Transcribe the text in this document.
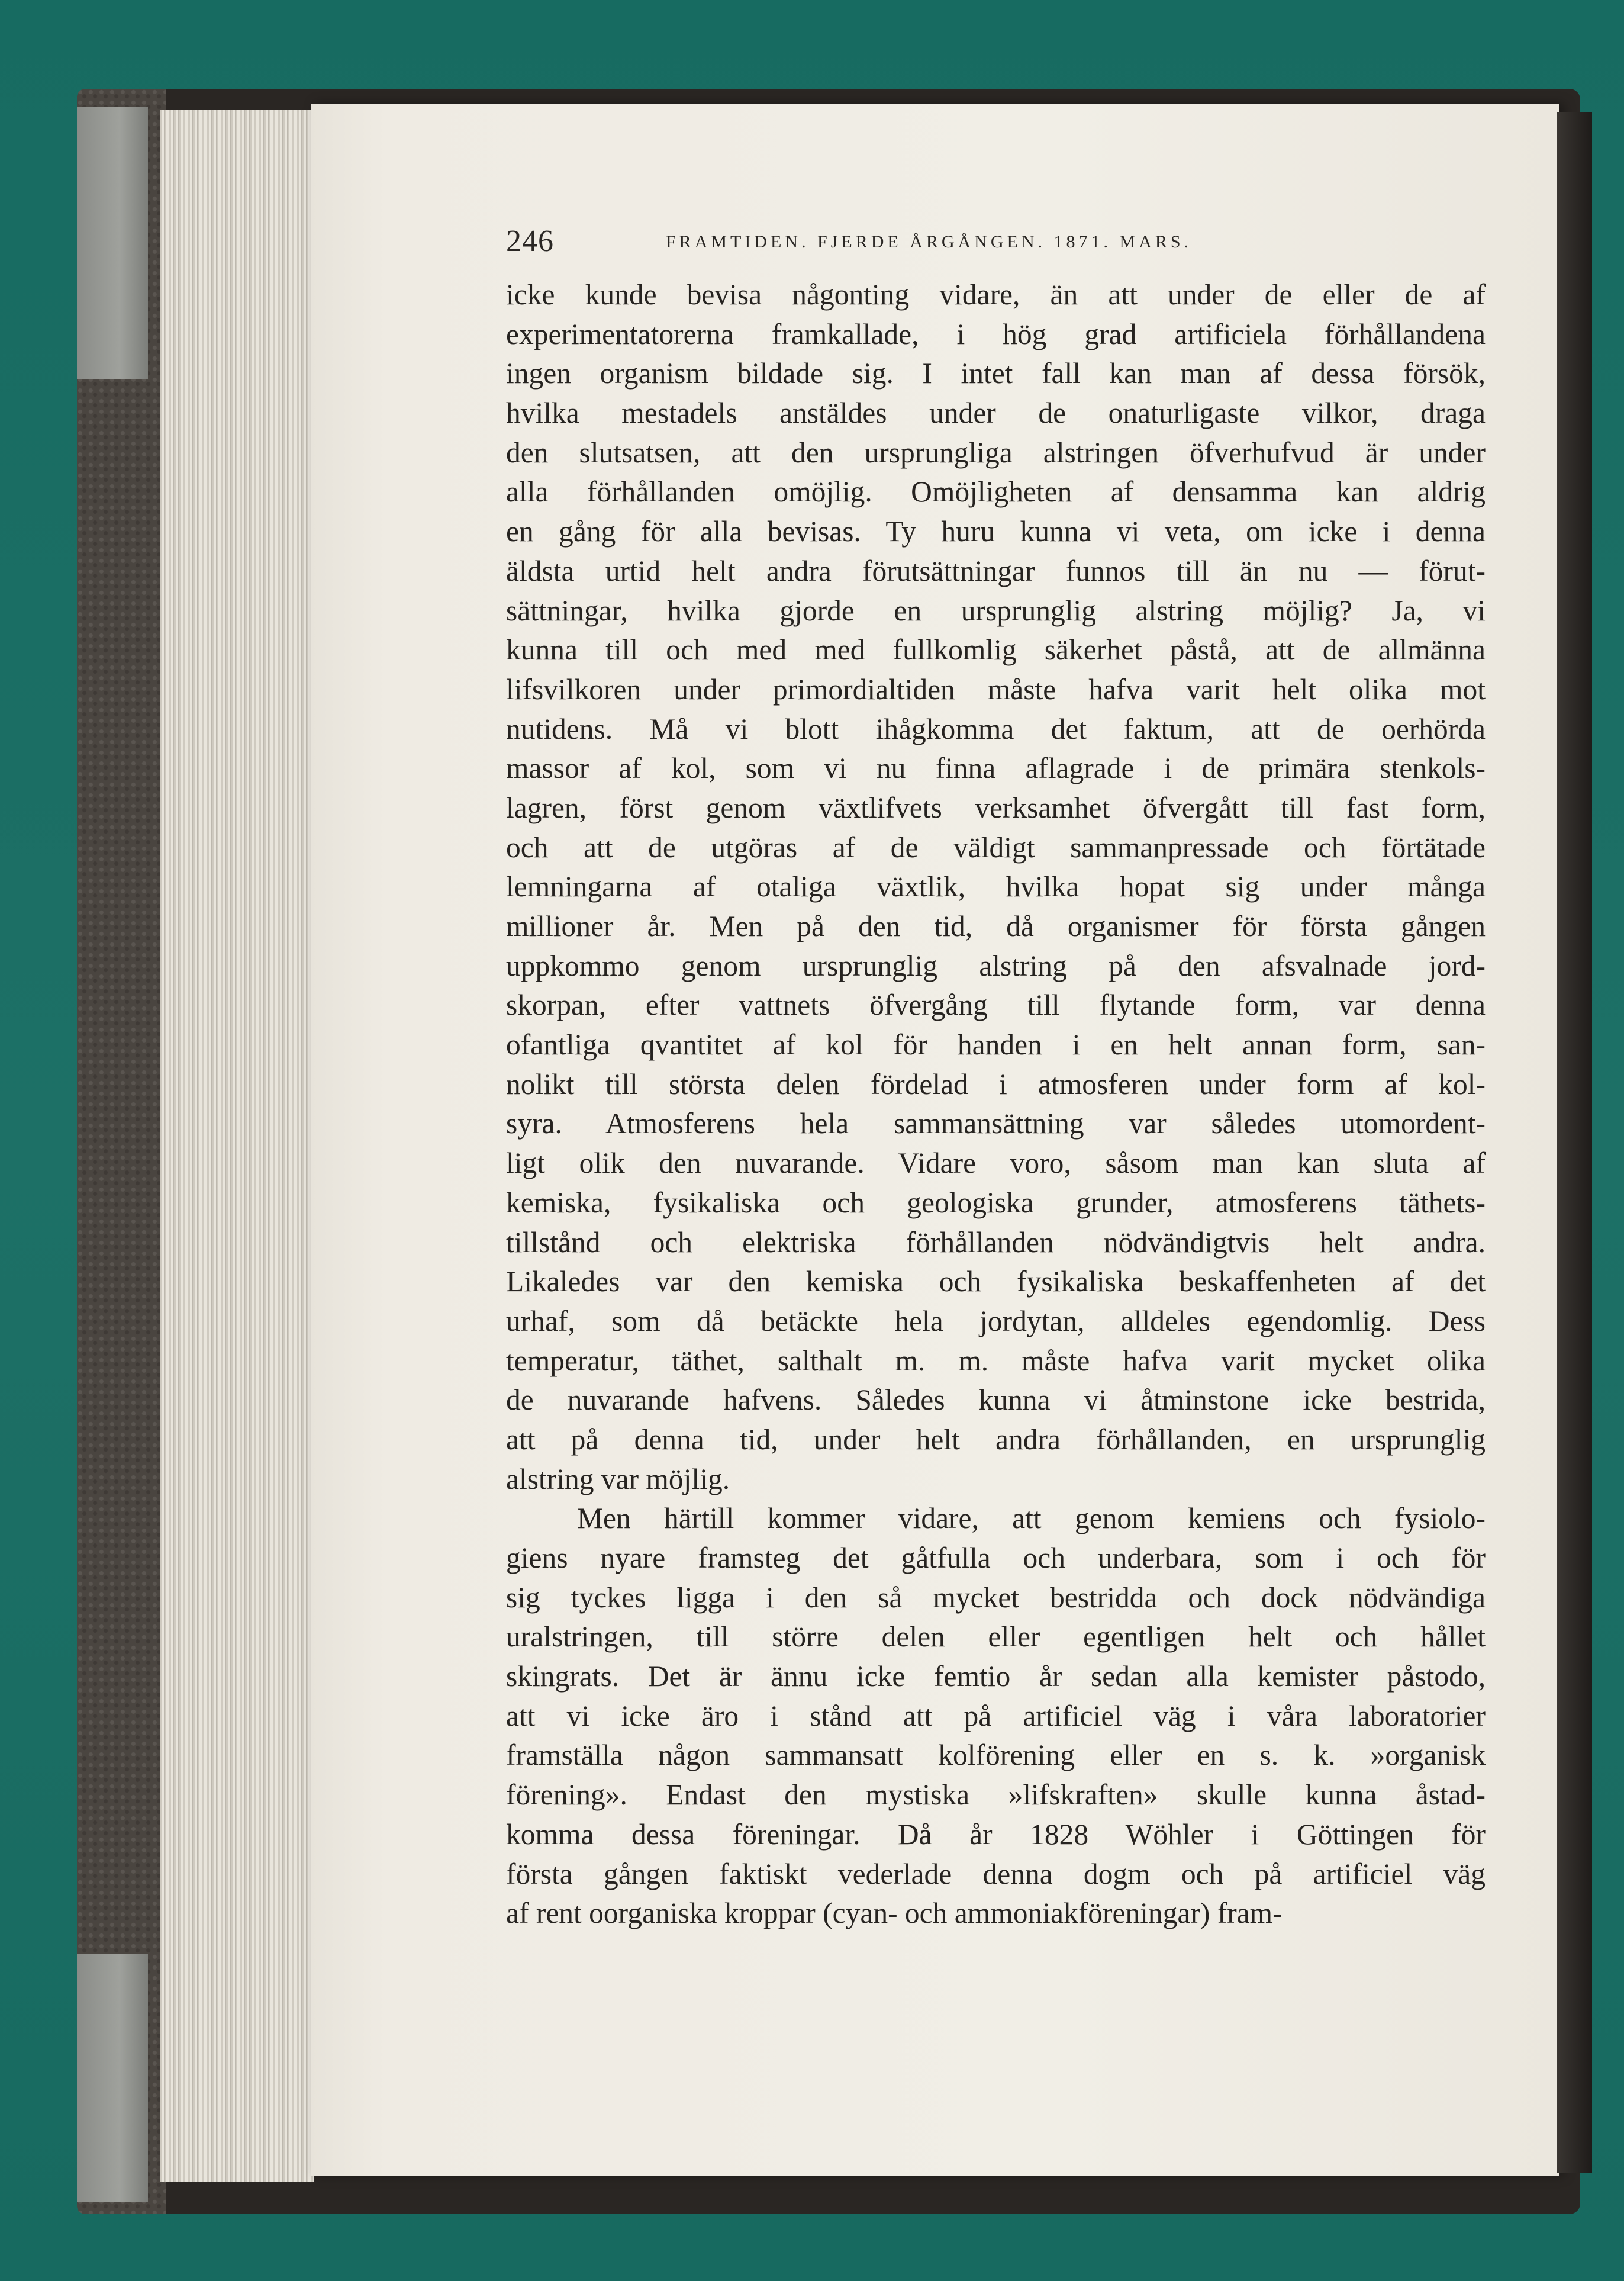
246	FRAMTIDEN. FJERDE ÅRGÅNGEN. 1871. MARS.
icke kunde bevisa någonting vidare, än att under de eller de af
experimentatorerna framkallade, i hög grad artificiela förhållandena
ingen organism bildade sig. I intet fall kan man af dessa försök,
hvilka mestadels anstäldes under de onaturligaste vilkor, draga
den slutsatsen, att den ursprungliga alstringen öfverhufvud är under
alla förhållanden omöjlig. Omöjligheten af densamma kan aldrig
en gång för alla bevisas. Ty huru kunna vi veta, om icke i denna
äldsta urtid helt andra förutsättningar funnos till än nu — förut-
sättningar, hvilka gjorde en ursprunglig alstring möjlig? Ja, vi
kunna till och med med fullkomlig säkerhet påstå, att de allmänna
lifsvilkoren under primordialtiden måste hafva varit helt olika mot
nutidens. Må vi blott ihågkomma det faktum, att de oerhörda
massor af kol, som vi nu finna aflagrade i de primära stenkols-
lagren, först genom växtlifvets verksamhet öfvergått till fast form,
och att de utgöras af de väldigt sammanpressade och förtätade
lemningarna af otaliga växtlik, hvilka hopat sig under många
millioner år. Men på den tid, då organismer för första gången
uppkommo genom ursprunglig alstring på den afsvalnade jord-
skorpan, efter vattnets öfvergång till flytande form, var denna
ofantliga qvantitet af kol för handen i en helt annan form, san-
nolikt till största delen fördelad i atmosferen under form af kol-
syra. Atmosferens hela sammansättning var således utomordent-
ligt olik den nuvarande. Vidare voro, såsom man kan sluta af
kemiska, fysikaliska och geologiska grunder, atmosferens täthets-
tillstånd och elektriska förhållanden nödvändigtvis helt andra.
Likaledes var den kemiska och fysikaliska beskaffenheten af det
urhaf, som då betäckte hela jordytan, alldeles egendomlig. Dess
temperatur, täthet, salthalt m. m. måste hafva varit mycket olika
de nuvarande hafvens. Således kunna vi åtminstone icke bestrida,
att på denna tid, under helt andra förhållanden, en ursprunglig
alstring var möjlig.
Men härtill kommer vidare, att genom kemiens och fysiolo-
giens nyare framsteg det gåtfulla och underbara, som i och för
sig tyckes ligga i den så mycket bestridda och dock nödvändiga
uralstringen, till större delen eller egentligen helt och hållet
skingrats. Det är ännu icke femtio år sedan alla kemister påstodo,
att vi icke äro i stånd att på artificiel väg i våra laboratorier
framställa någon sammansatt kolförening eller en s. k. »organisk
förening». Endast den mystiska »lifskraften» skulle kunna åstad-
komma dessa föreningar. Då år 1828 Wöhler i Göttingen för
första gången faktiskt vederlade denna dogm och på artificiel väg
af rent oorganiska kroppar (cyan- och ammoniakföreningar) fram-
